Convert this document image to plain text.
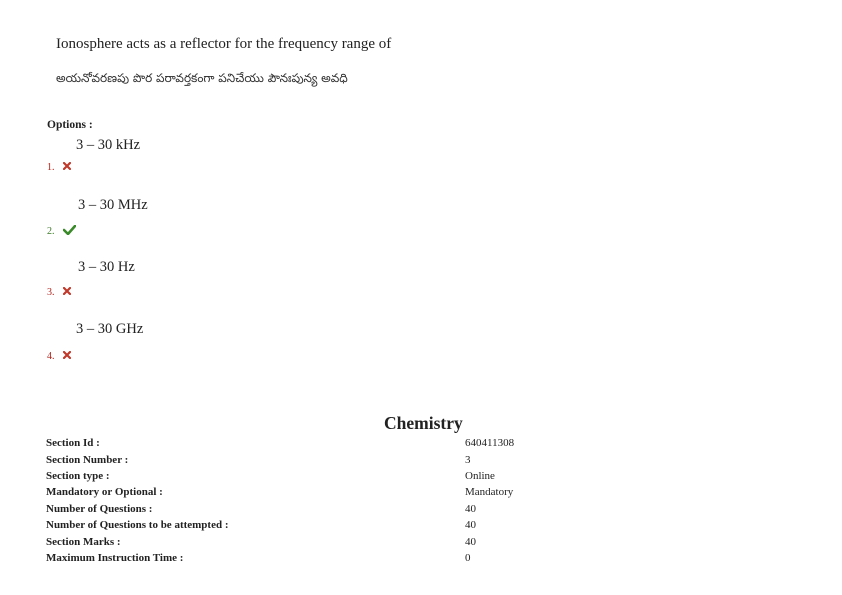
Ionosphere acts as a reflector for the frequency range of
అయనోవరణపు పొర పరావర్తకంగా పనిచేయు పౌనఃపున్య అవధి
Options :
3 – 30 kHz
1.
3 – 30 MHz
2.
3 – 30 Hz
3.
3 – 30 GHz
4.
Chemistry
Section Id :	640411308
Section Number :	3
Section type :	Online
Mandatory or Optional :	Mandatory
Number of Questions :	40
Number of Questions to be attempted :	40
Section Marks :	40
Maximum Instruction Time :	0
